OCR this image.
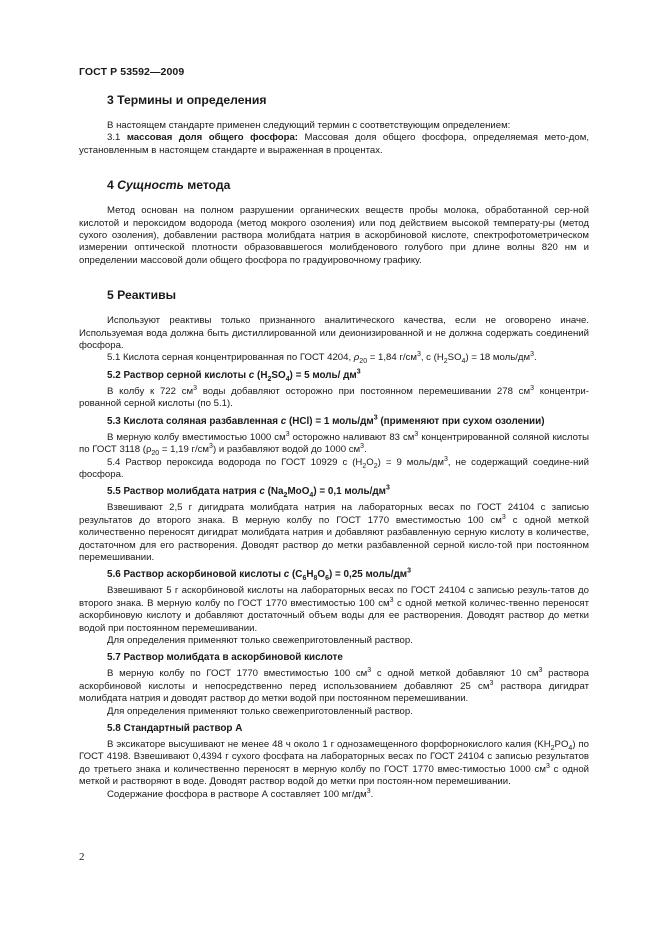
ГОСТ Р 53592—2009
3 Термины и определения

В настоящем стандарте применен следующий термин с соответствующим определением:

3.1 массовая доля общего фосфора: Массовая доля общего фосфора, определяемая мето-дом, установленным в настоящем стандарте и выраженная в процентах.

4 Сущность метода

Метод основан на полном разрушении органических веществ пробы молока, обработанной сер-ной кислотой и пероксидом водорода (метод мокрого озоления) или под действием высокой температу-ры (метод сухого озоления), добавлении раствора молибдата натрия в аскорбиновой кислоте, спектрофотометрическом измерении оптической плотности образовавшегося молибденового голубого при длине волны 820 нм и определении массовой доли общего фосфора по градуировочному графику.

5 Реактивы

Используют реактивы только признанного аналитического качества, если не оговорено иначе. Используемая вода должна быть дистиллированной или деионизированной и не должна содержать соединений фосфора.

5.1 Кислота серная концентрированная по ГОСТ 4204, $\rho_{20} = 1,84$ $г/см^3$, c $(H_2SO_4) = 18$ моль/$дм^3$.

5.2 Раствор серной кислоты c $(H_2SO_4) = 5$ моль/ $дм^3$

В колбу к 722 $см^3$ воды добавляют осторожно при постоянном перемешивании 278 $см^3$ концентри-рованной серной кислоты (по 5.1).

5.3 Кислота соляная разбавленная c (HCl) = 1 моль/$дм^3$ (применяют при сухом озолении)

В мерную колбу вместимостью 1000 $см^3$ осторожно наливают 83 $см^3$ концентрированной соляной кислоты по ГОСТ 3118 ($\rho_{20} = 1,19$ $г/см^3$) и разбавляют водой до 1000 $см^3$.

5.4 Раствор пероксида водорода по ГОСТ 10929 c $(H_2O_2) = 9$ моль/$дм^3$, не содержащий соедине-ний фосфора.

5.5 Раствор молибдата натрия c $(Na_2MoO_4) = 0,1$ моль/$дм^3$

Взвешивают 2,5 г дигидрата молибдата натрия на лабораторных весах по ГОСТ 24104 с записью результатов до второго знака. В мерную колбу по ГОСТ 1770 вместимостью 100 $см^3$ с одной меткой количественно переносят дигидрат молибдата натрия и добавляют разбавленную серную кислоту в количестве, достаточном для его растворения. Доводят раствор до метки разбавленной серной кисло-той при постоянном перемешивании.

5.6 Раствор аскорбиновой кислоты c $(C_6H_8O_6) = 0,25$ моль/$дм^3$

Взвешивают 5 г аскорбиновой кислоты на лабораторных весах по ГОСТ 24104 с записью резуль-татов до второго знака. В мерную колбу по ГОСТ 1770 вместимостью 100 $см^3$ с одной меткой количес-твенно переносят аскорбиновую кислоту и добавляют достаточный объем воды для ее растворения. Доводят раствор до метки водой при постоянном перемешивании.

Для определения применяют только свежеприготовленный раствор.

5.7 Раствор молибдата в аскорбиновой кислоте

В мерную колбу по ГОСТ 1770 вместимостью 100 $см^3$ с одной меткой добавляют 10 $см^3$ раствора аскорбиновой кислоты и непосредственно перед использованием добавляют 25 $см^3$ раствора дигидрат молибдата натрия и доводят раствор до метки водой при постоянном перемешивании.

Для определения применяют только свежеприготовленный раствор.

5.8 Стандартный раствор А

В эксикаторе высушивают не менее 48 ч около 1 г однозамещенного форфорнокислого калия $(KH_2PO_4)$ по ГОСТ 4198. Взвешивают 0,4394 г сухого фосфата на лабораторных весах по ГОСТ 24104 с записью результатов до третьего знака и количественно переносят в мерную колбу по ГОСТ 1770 вмес-тимостью 1000 $см^3$ с одной меткой и растворяют в воде. Доводят раствор водой до метки при постоян-ном перемешивании.

Содержание фосфора в растворе А составляет 100 $мг/дм^3$.

2
